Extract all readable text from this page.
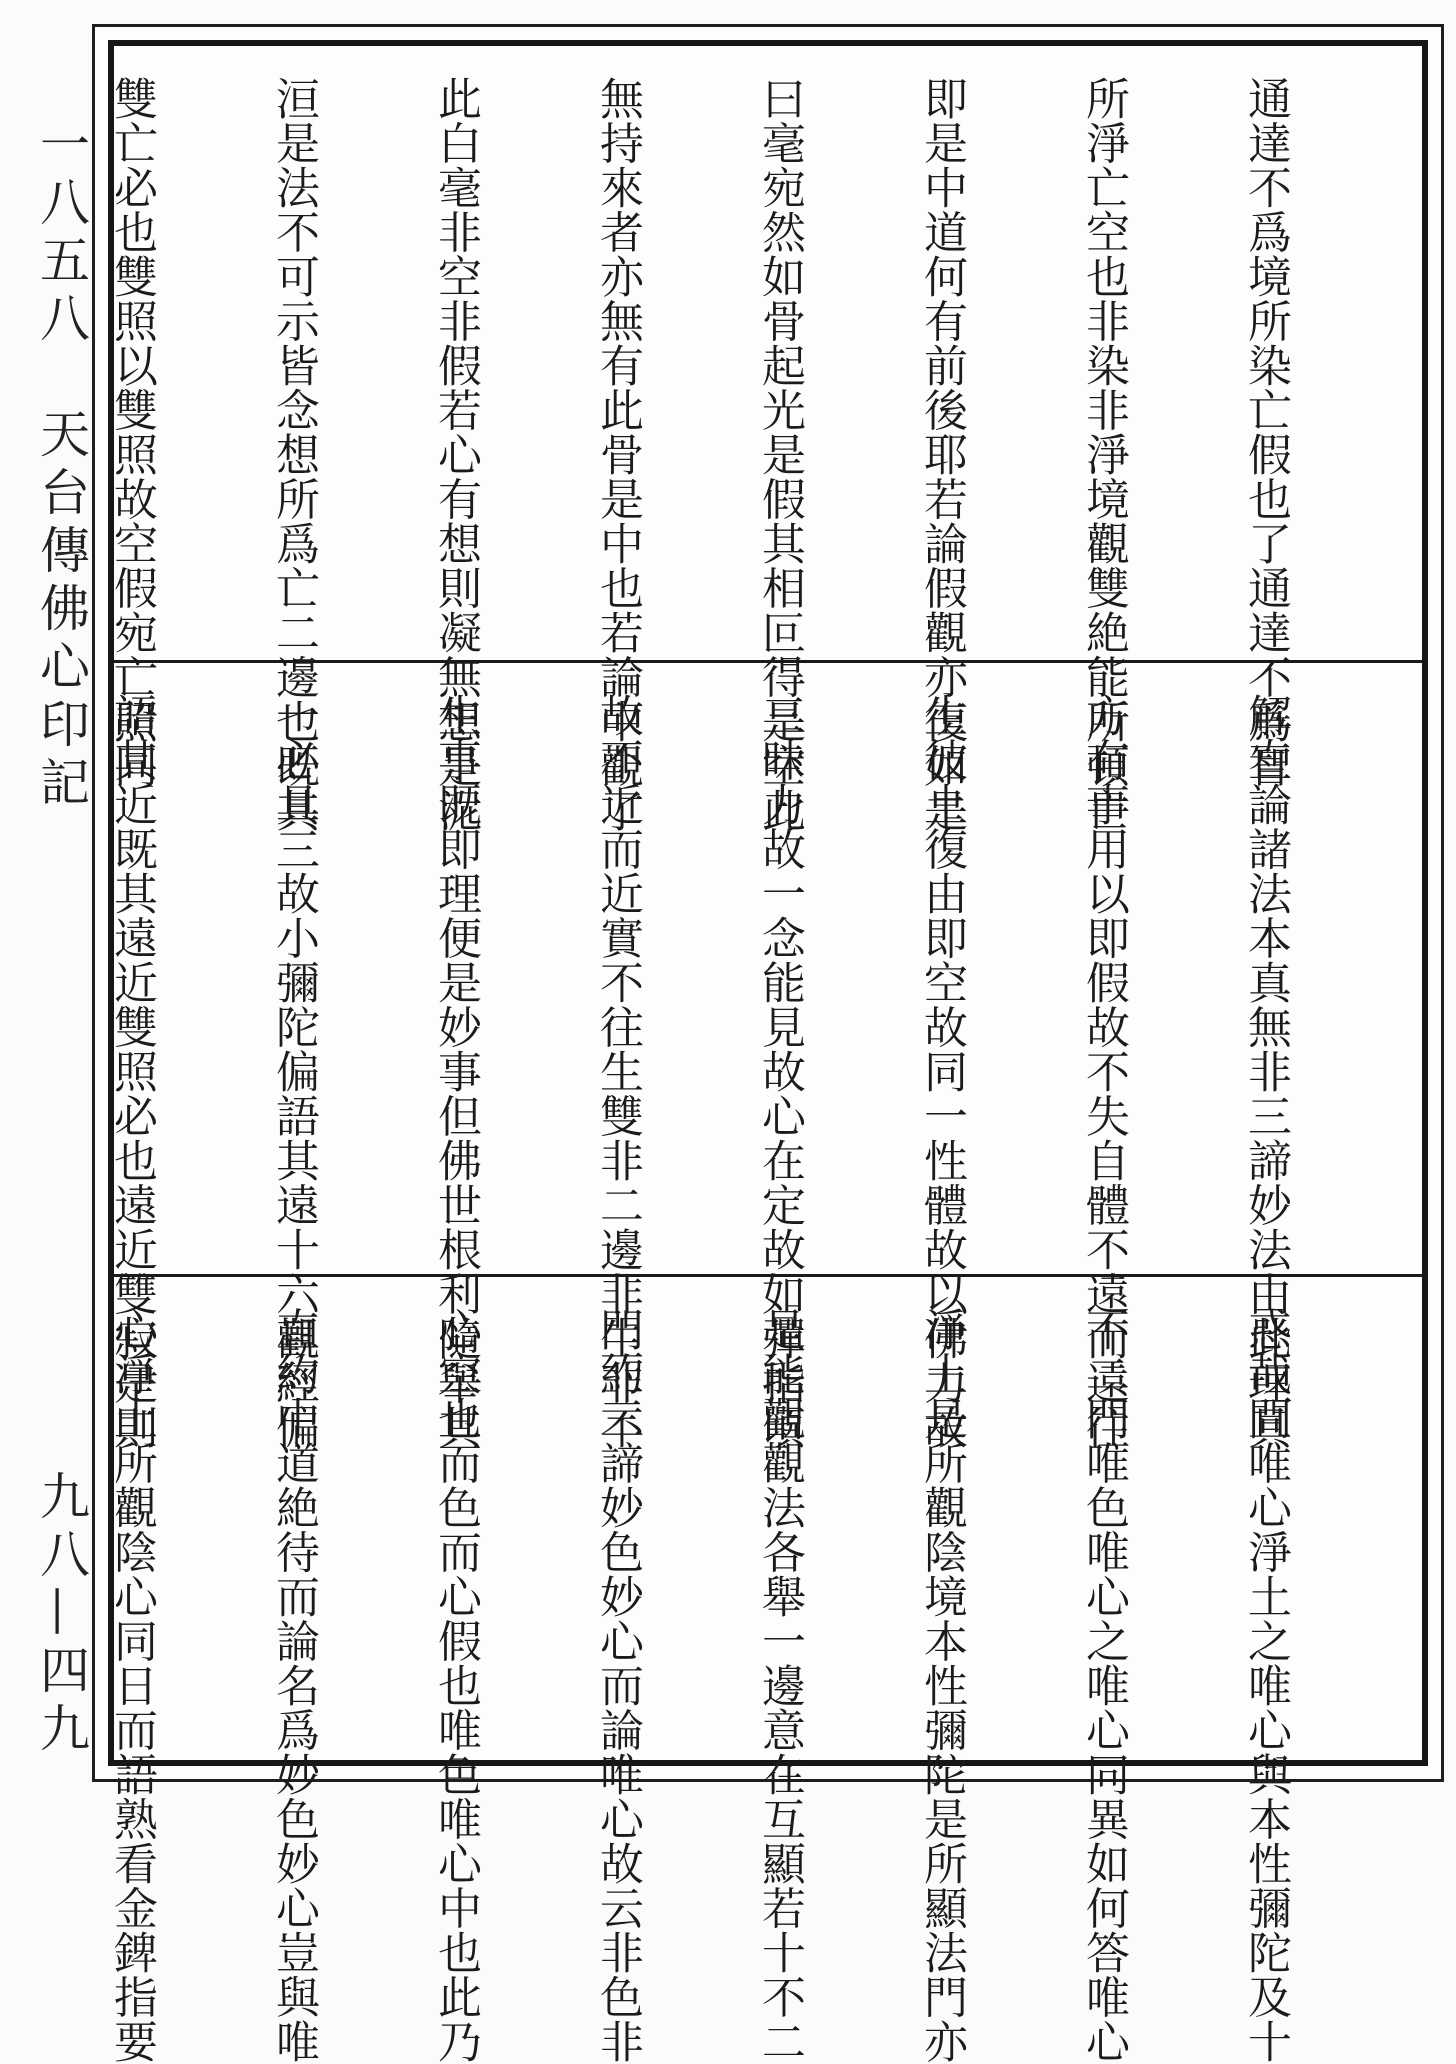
一八五八　天台傳佛心印記
九八—四九

通達不爲境所染亡假也了通達不爲智

所淨亡空也非染非淨境觀雙絶能所頓亡

即是中道何有前後耶若論假觀亦復如是

曰毫宛然如骨起光是假其相叵得是空此

無持來者亦無有此骨是中也若論中觀了

此白毫非空非假若心有想則凝無想是泥

洹是法不可示皆念想所爲亡二邊也既其

雙亡必也雙照以雙照故空假宛亡照同

解直論諸法本真無非三諦妙法由此理具

方有事用以即假故不失自體不遠而遠往

生彼土復由即空故同一性體故以佛力故

三昧力故一念能見故心在定故如彈指頃

故不近而近實不往生雙非二邊非生非不

生事既即理便是妙事但佛世根利隨舉其

一必具三故小彌陀偏語其遠十六觀經偏

語其近既其遠近雙照必也遠近雙寂是則

惑哉問唯心淨土之唯心與本性彌陀及十

不二門唯色唯心之唯心同異如何答唯心

淨土是所觀陰境本性彌陀是所顯法門亦

是能觀觀法各舉一邊意在互顯若十不二

門約三諦妙色妙心而論唯心故云非色非

心空也而色而心假也唯色唯心中也此乃

直約中道絶待而論名爲妙色妙心豈與唯

心淨土所觀陰心同日而語熟看金錍指要
